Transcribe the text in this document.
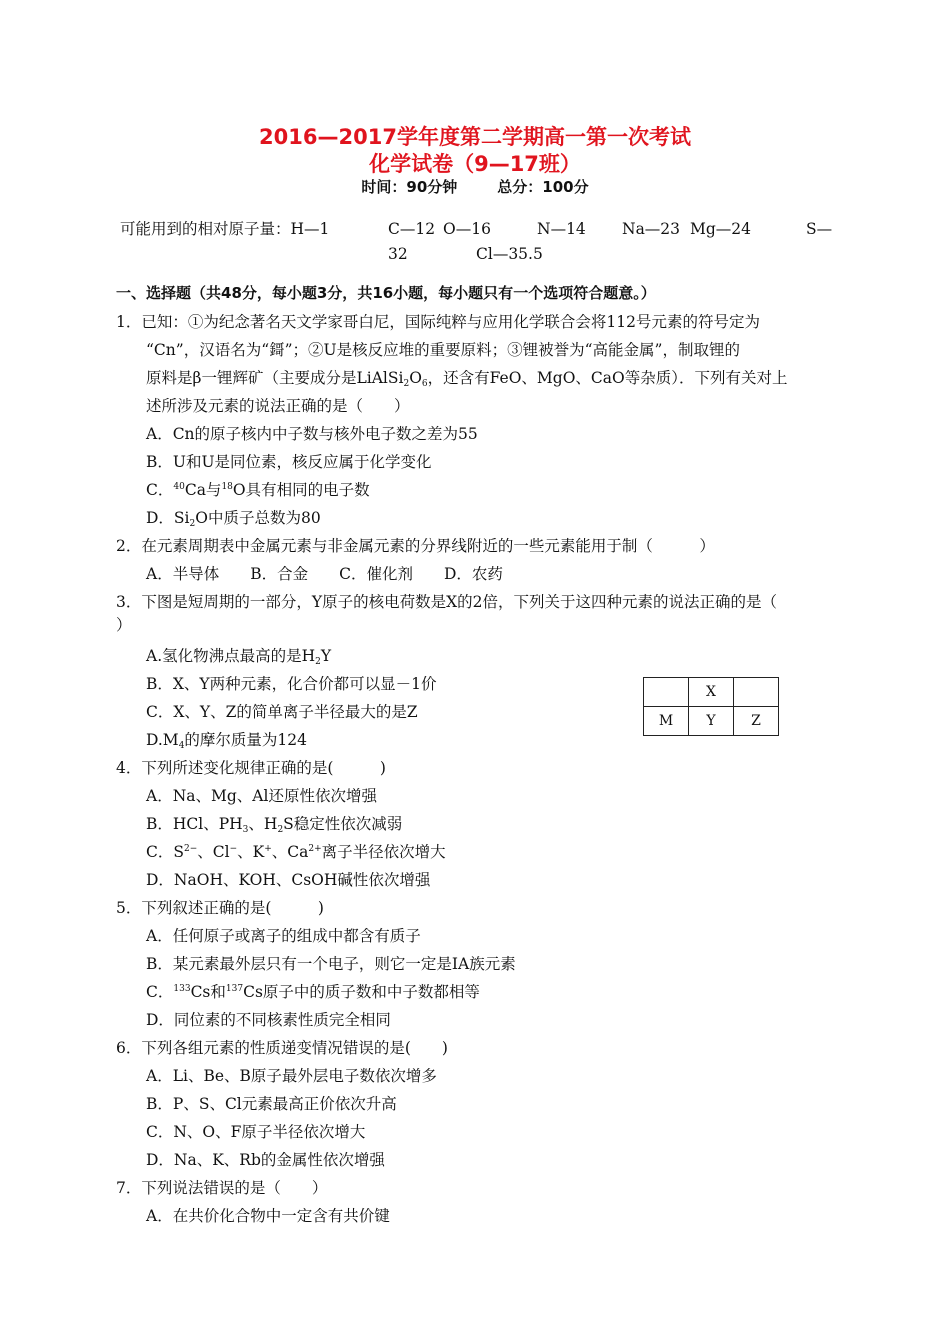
2016—2017学年度第二学期高一第一次考试
化学试卷（9—17班）
时间：90分钟	总分：100分
可能用到的相对原子量：H—1	C—12 O—16	N—14 Na—23 Mg—24	S—
32	Cl—35.5
一、选择题（共48分，每小题3分，共16小题，每小题只有一个选项符合题意。）
1．已知：①为纪念著名天文学家哥白尼，国际纯粹与应用化学联合会将112号元素的符号定为
“Cn”，汉语名为“鎶”；②U是核反应堆的重要原料；③锂被誉为“高能金属”，制取锂的
原料是β一锂辉矿（主要成分是$LiAlSi_2O_6$，还含有FeO、MgO、CaO等杂质）．下列有关对上
述所涉及元素的说法正确的是（　　）
A．Cn的原子核内中子数与核外电子数之差为55
B．U和U是同位素，核反应属于化学变化
C．$^{40}$Ca与$^{18}$O具有相同的电子数
D．$Si_2O$中质子总数为80
2．在元素周期表中金属元素与非金属元素的分界线附近的一些元素能用于制（　　　）
A．半导体　　B．合金　　C．催化剂　　D．农药
3．下图是短周期的一部分，Y原子的核电荷数是X的2倍，下列关于这四种元素的说法正确的是（
）
A.氢化物沸点最高的是$H_2Y$
B．X、Y两种元素，化合价都可以显－1价
C．X、Y、Z的简单离子半径最大的是Z
$D.M_4$的摩尔质量为124
	X	
M	Y	Z
4．下列所述变化规律正确的是(　　　)
A．Na、Mg、Al还原性依次增强
B．HCl、$PH_3$、$H_2S$稳定性依次减弱
C．$S^{2-}$、Cl−、K+、$Ca^{2+}$离子半径依次增大
D．NaOH、KOH、CsOH碱性依次增强
5．下列叙述正确的是(　　　)
A．任何原子或离子的组成中都含有质子
B．某元素最外层只有一个电子，则它一定是ⅠA族元素
C．$^{133}$Cs和$^{137}$Cs原子中的质子数和中子数都相等
D．同位素的不同核素性质完全相同
6．下列各组元素的性质递变情况错误的是(　　)
A．Li、Be、B原子最外层电子数依次增多
B．P、S、Cl元素最高正价依次升高
C．N、O、F原子半径依次增大
D．Na、K、Rb的金属性依次增强
7．下列说法错误的是（　　）
A．在共价化合物中一定含有共价键
